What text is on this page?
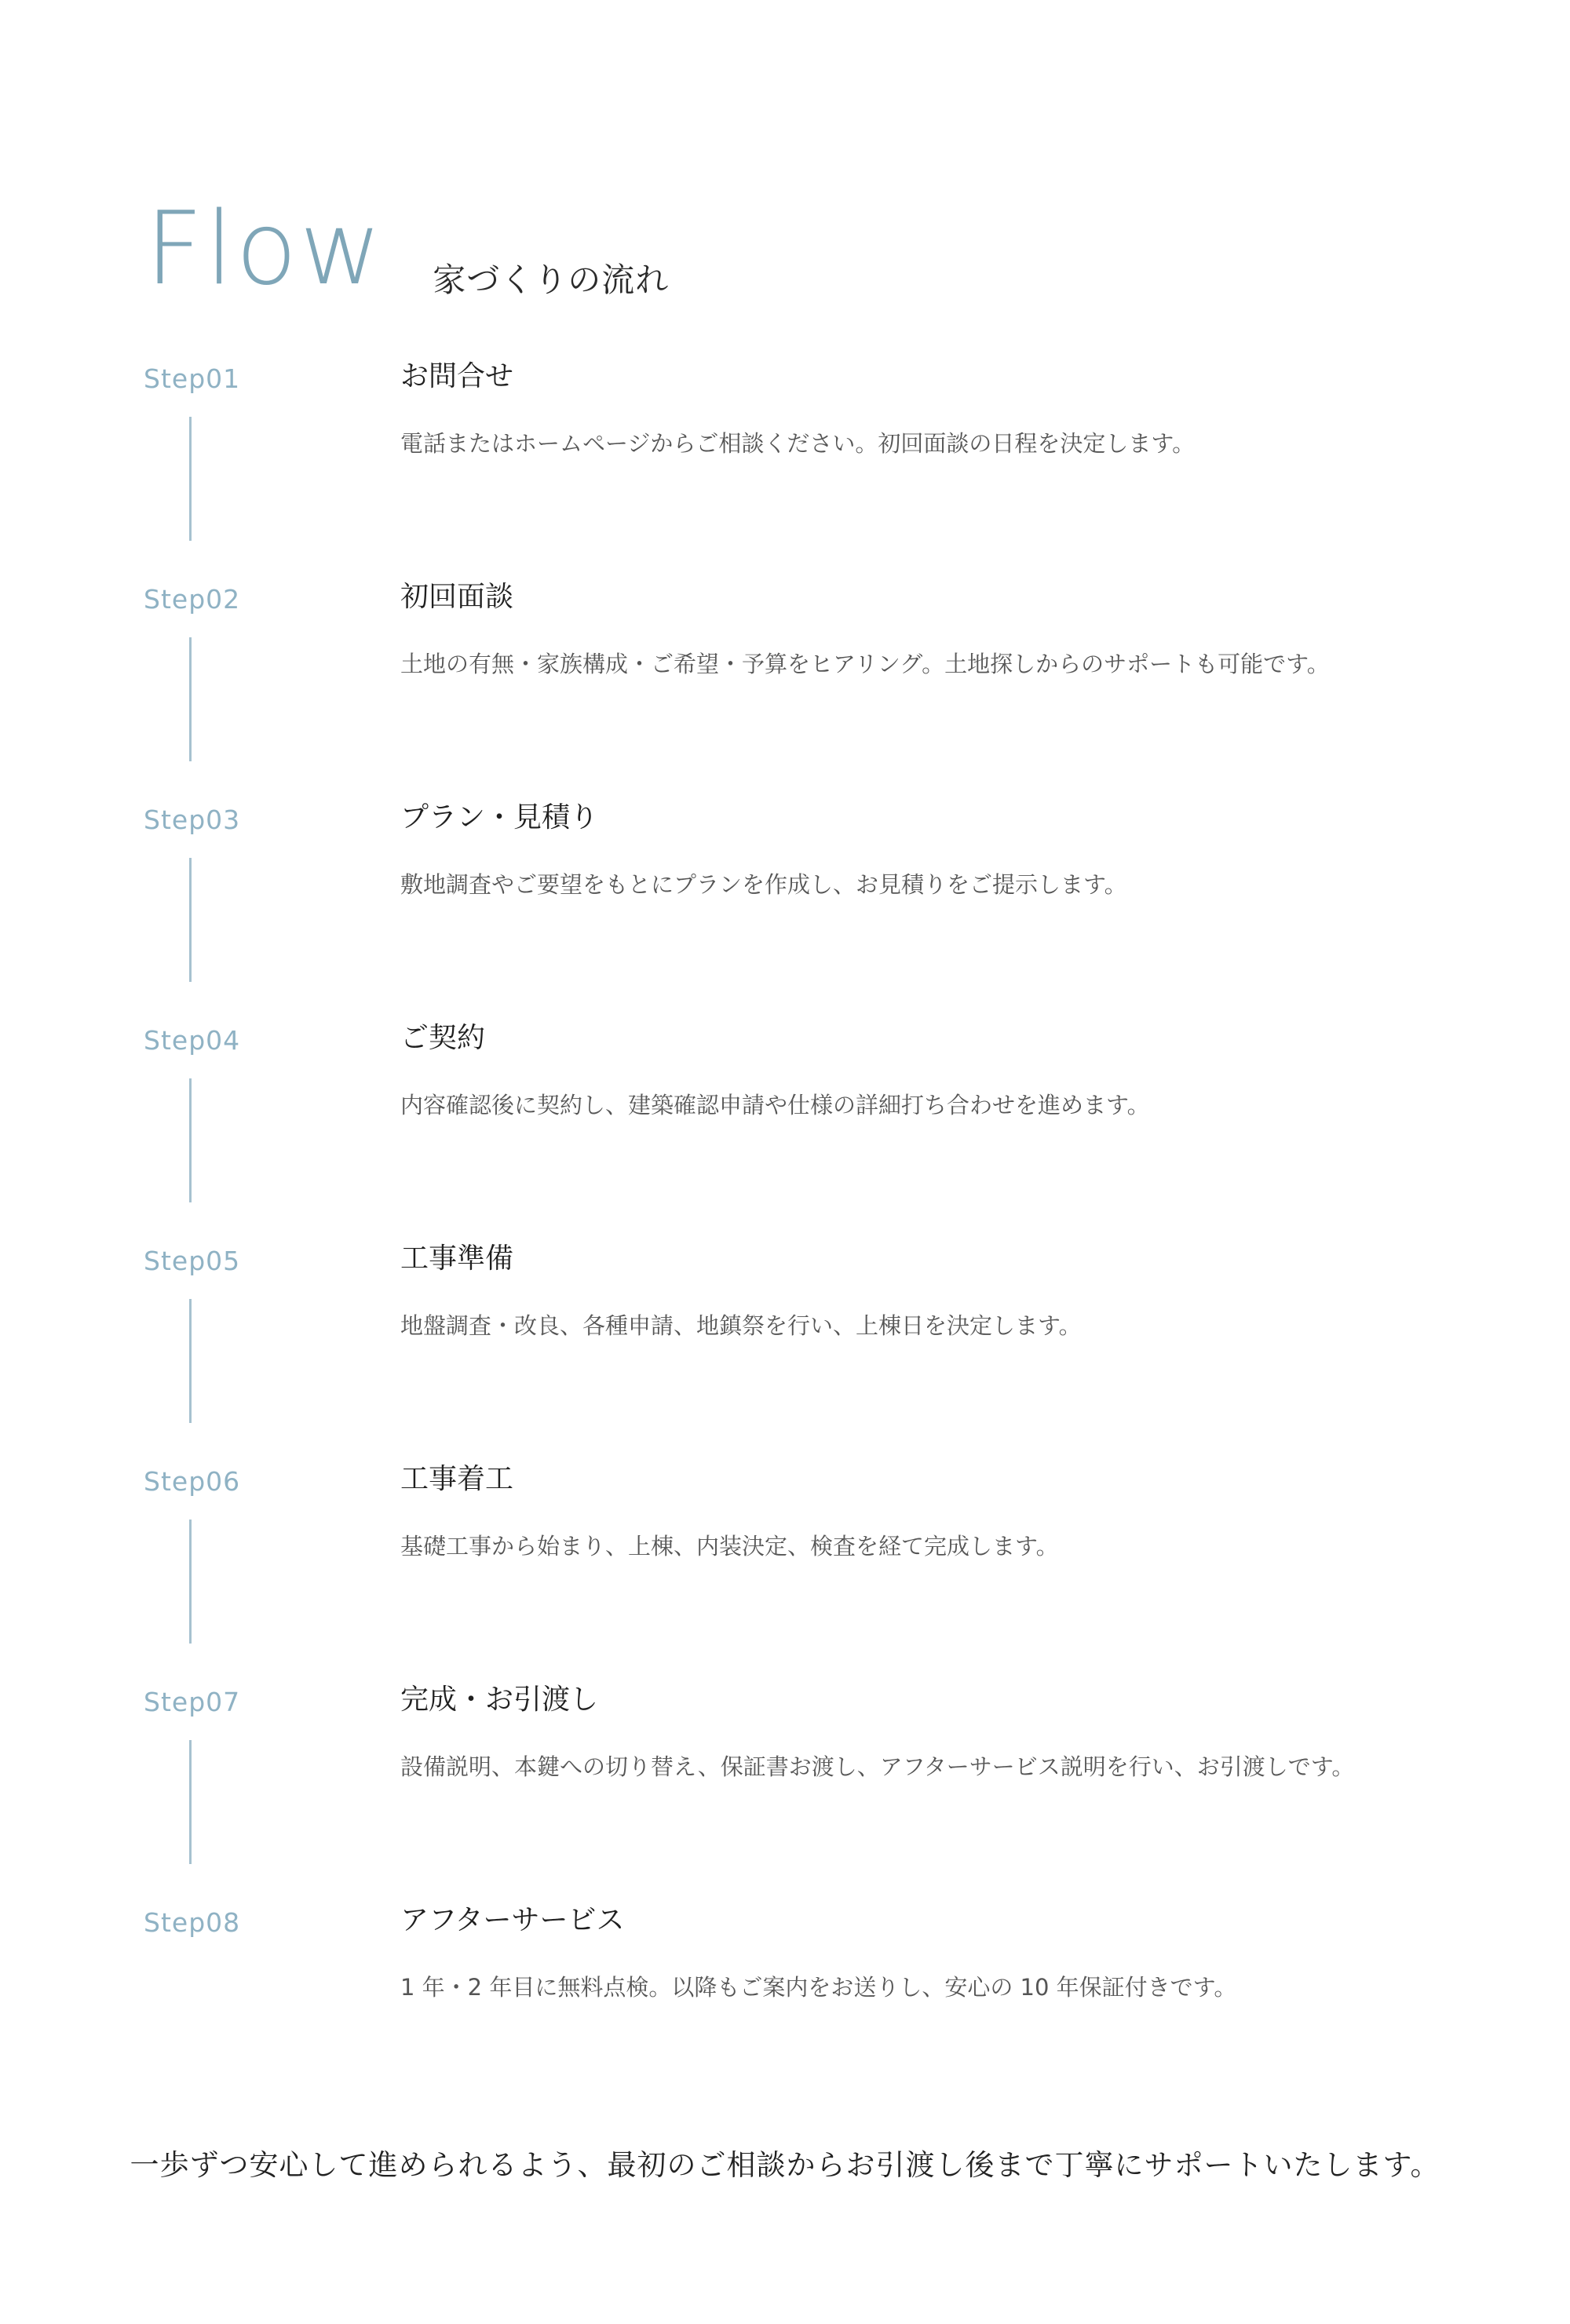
Flow 家づくりの流れ
Step01	お問合せ
電話またはホームページからご相談ください。初回面談の日程を決定します。
Step02	初回面談
土地の有無・家族構成・ご希望・予算をヒアリング。土地探しからのサポートも可能です。
Step03	プラン・見積り
敷地調査やご要望をもとにプランを作成し、お見積りをご提示します。
Step04	ご契約
内容確認後に契約し、建築確認申請や仕様の詳細打ち合わせを進めます。
Step05	工事準備
地盤調査・改良、各種申請、地鎮祭を行い、上棟日を決定します。
Step06	工事着工
基礎工事から始まり、上棟、内装決定、検査を経て完成します。
Step07	完成・お引渡し
設備説明、本鍵への切り替え、保証書お渡し、アフターサービス説明を行い、お引渡しです。
Step08	アフターサービス
1 年・2 年目に無料点検。以降もご案内をお送りし、安心の 10 年保証付きです。
一歩ずつ安心して進められるよう、最初のご相談からお引渡し後まで丁寧にサポートいたします。
